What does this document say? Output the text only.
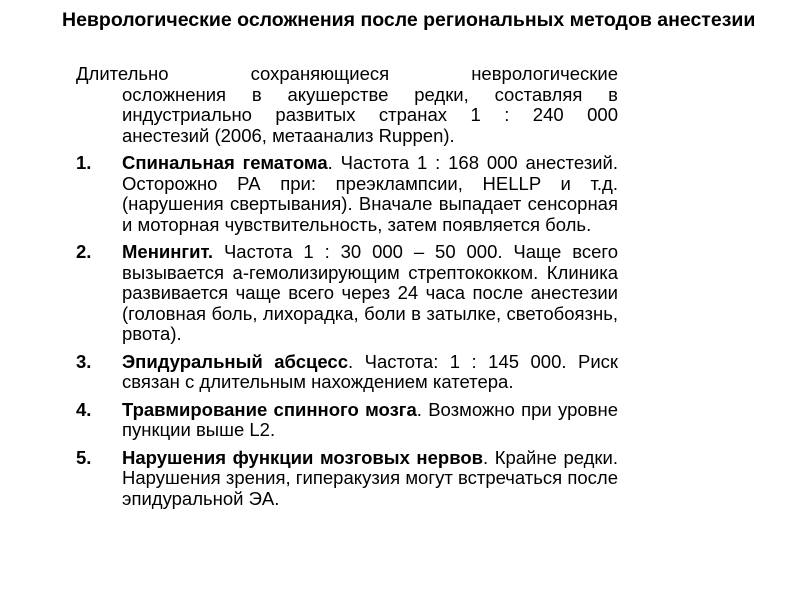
Неврологические осложнения после региональных методов анестезии

Длительно сохраняющиеся неврологические
осложнения в акушерстве редки, составляя в
индустриально развитых странах 1 : 240 000
анестезий (2006, метаанализ Ruppen).

1. Спинальная гематома. Частота 1 : 168 000 анестезий. Осторожно РА при: преэклампсии, HELLP и т.д. (нарушения свертывания). Вначале выпадает сенсорная и моторная чувствительность, затем появляется боль.
2. Менингит. Частота 1 : 30 000 – 50 000. Чаще всего вызывается а-гемолизирующим стрептококком. Клиника развивается чаще всего через 24 часа после анестезии (головная боль, лихорадка, боли в затылке, светобоязнь, рвота).
3. Эпидуральный абсцесс. Частота: 1 : 145 000. Риск связан с длительным нахождением катетера.
4. Травмирование спинного мозга. Возможно при уровне пункции выше L2.
5. Нарушения функции мозговых нервов. Крайне редки. Нарушения зрения, гиперакузия могут встречаться после эпидуральной ЭА.
